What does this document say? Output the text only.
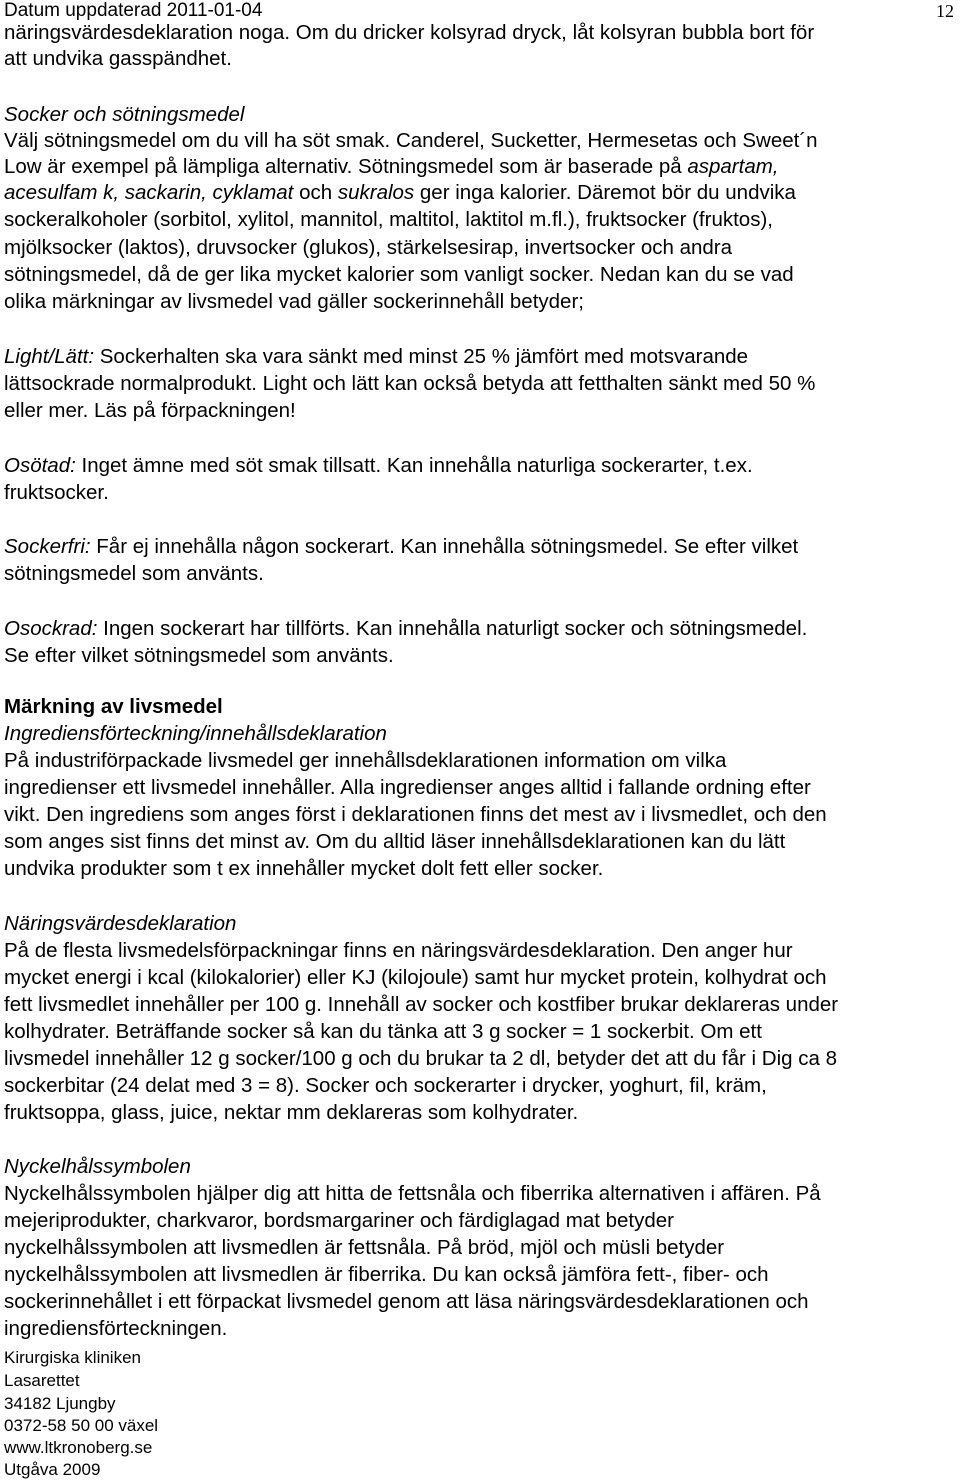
Datum uppdaterad 2011-01-04	12
näringsvärdesdeklaration noga. Om du dricker kolsyrad dryck, låt kolsyran bubbla bort för
att undvika gasspändhet.
Socker och sötningsmedel
Välj sötningsmedel om du vill ha söt smak. Canderel, Sucketter, Hermesetas och Sweet´n
Low är exempel på lämpliga alternativ. Sötningsmedel som är baserade på aspartam,
acesulfam k, sackarin, cyklamat och sukralos ger inga kalorier. Däremot bör du undvika
sockeralkoholer (sorbitol, xylitol, mannitol, maltitol, laktitol m.fl.), fruktsocker (fruktos),
mjölksocker (laktos), druvsocker (glukos), stärkelsesirap, invertsocker och andra
sötningsmedel, då de ger lika mycket kalorier som vanligt socker. Nedan kan du se vad
olika märkningar av livsmedel vad gäller sockerinnehåll betyder;
Light/Lätt: Sockerhalten ska vara sänkt med minst 25 % jämfört med motsvarande
lättsockrade normalprodukt. Light och lätt kan också betyda att fetthalten sänkt med 50 %
eller mer. Läs på förpackningen!
Osötad: Inget ämne med söt smak tillsatt. Kan innehålla naturliga sockerarter, t.ex.
fruktsocker.
Sockerfri: Får ej innehålla någon sockerart. Kan innehålla sötningsmedel. Se efter vilket
sötningsmedel som använts.
Osockrad: Ingen sockerart har tillförts. Kan innehålla naturligt socker och sötningsmedel.
Se efter vilket sötningsmedel som använts.
Märkning av livsmedel
Ingrediensförteckning/innehållsdeklaration
På industriförpackade livsmedel ger innehållsdeklarationen information om vilka
ingredienser ett livsmedel innehåller. Alla ingredienser anges alltid i fallande ordning efter
vikt. Den ingrediens som anges först i deklarationen finns det mest av i livsmedlet, och den
som anges sist finns det minst av. Om du alltid läser innehållsdeklarationen kan du lätt
undvika produkter som t ex innehåller mycket dolt fett eller socker.
Näringsvärdesdeklaration
På de flesta livsmedelsförpackningar finns en näringsvärdesdeklaration. Den anger hur
mycket energi i kcal (kilokalorier) eller KJ (kilojoule) samt hur mycket protein, kolhydrat och
fett livsmedlet innehåller per 100 g. Innehåll av socker och kostfiber brukar deklareras under
kolhydrater. Beträffande socker så kan du tänka att 3 g socker = 1 sockerbit. Om ett
livsmedel innehåller 12 g socker/100 g och du brukar ta 2 dl, betyder det att du får i Dig ca 8
sockerbitar (24 delat med 3 = 8). Socker och sockerarter i drycker, yoghurt, fil, kräm,
fruktsoppa, glass, juice, nektar mm deklareras som kolhydrater.
Nyckelhålssymbolen
Nyckelhålssymbolen hjälper dig att hitta de fettsnåla och fiberrika alternativen i affären. På
mejeriprodukter, charkvaror, bordsmargariner och färdiglagad mat betyder
nyckelhålssymbolen att livsmedlen är fettsnåla. På bröd, mjöl och müsli betyder
nyckelhålssymbolen att livsmedlen är fiberrika. Du kan också jämföra fett-, fiber- och
sockerinnehållet i ett förpackat livsmedel genom att läsa näringsvärdesdeklarationen och
ingrediensförteckningen.
Kirurgiska kliniken
Lasarettet
34182 Ljungby
0372-58 50 00 växel
www.ltkronoberg.se
Utgåva 2009
